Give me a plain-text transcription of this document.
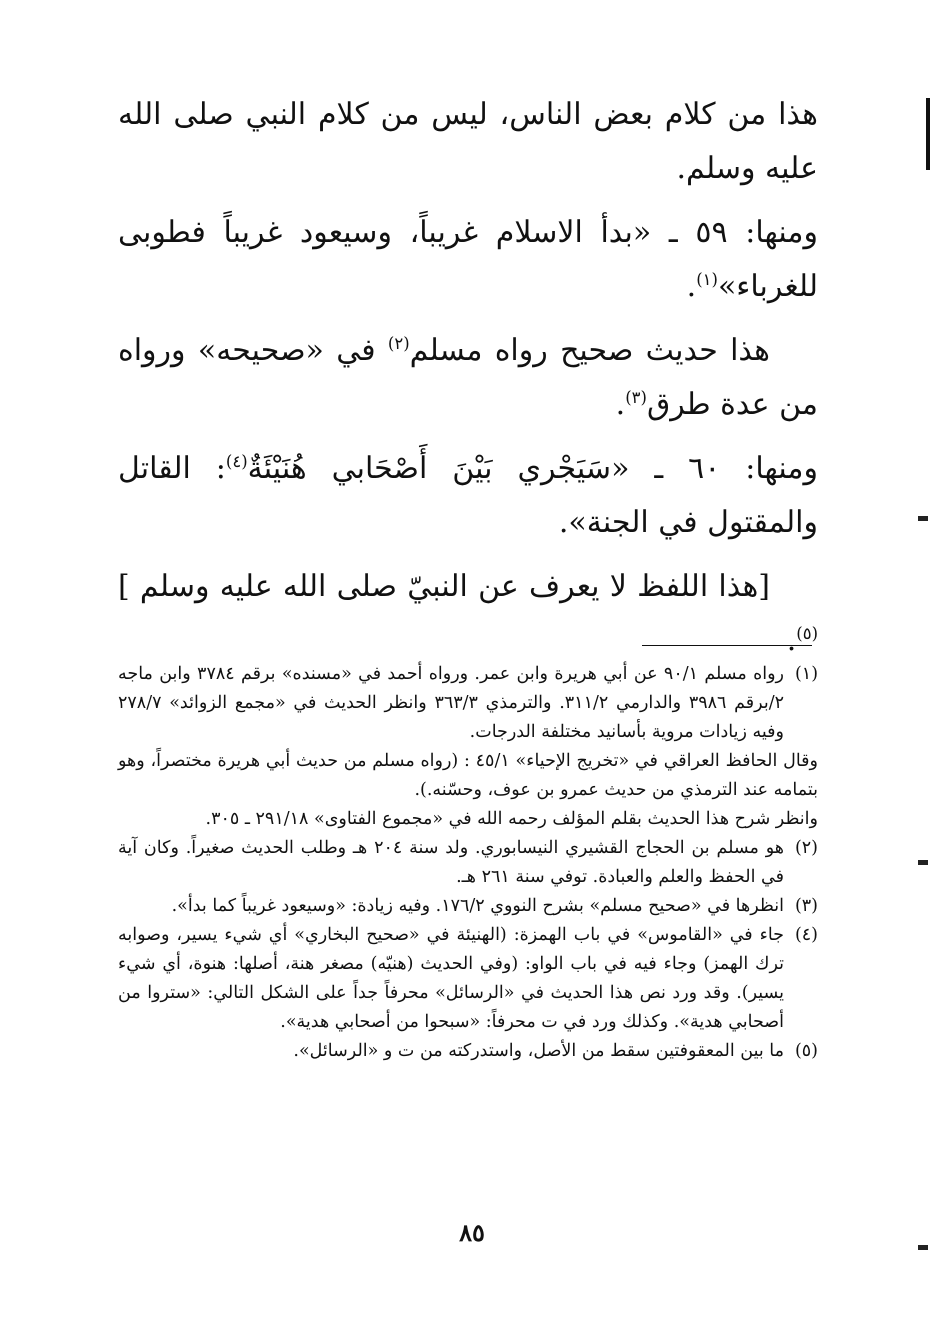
هذا من كلام بعض الناس، ليس من كلام النبي صلى الله عليه وسلم.

ومنها: ٥٩ ـ «بدأ الاسلام غريباً، وسيعود غريباً فطوبى للغرباء»$^{(١)}$.

هذا حديث صحيح رواه مسلم$^{(٢)}$ في «صحيحه» ورواه من عدة طرق$^{(٣)}$.

ومنها: ٦٠ ـ «سَيَجْري بَيْنَ أَصْحَابي هُنَيْئَةٌ$^{(٤)}$: القاتل والمقتول في الجنة».

[هذا اللفظ لا يعرف عن النبيّ صلى الله عليه وسلم ]$^{(٥)}$.

(١)رواه مسلم ٩٠/١ عن أبي هريرة وابن عمر. ورواه أحمد في «مسنده» برقم ٣٧٨٤ وابن ماجه ٢/برقم ٣٩٨٦ والدارمي ٣١١/٢. والترمذي ٣٦٣/٣ وانظر الحديث في «مجمع الزوائد» ٢٧٨/٧ وفيه زيادات مروية بأسانيد مختلفة الدرجات.

وقال الحافظ العراقي في «تخريج الإحياء» ٤٥/١ : (رواه مسلم من حديث أبي هريرة مختصراً، وهو بتمامه عند الترمذي من حديث عمرو بن عوف، وحسّنه.).

وانظر شرح هذا الحديث بقلم المؤلف رحمه الله في «مجموع الفتاوى» ٢٩١/١٨ ـ ٣٠٥.

(٢)هو مسلم بن الحجاج القشيري النيسابوري. ولد سنة ٢٠٤ هـ وطلب الحديث صغيراً. وكان آية في الحفظ والعلم والعبادة. توفي سنة ٢٦١ هـ.

(٣)انظرها في «صحيح مسلم» بشرح النووي ١٧٦/٢. وفيه زيادة: «وسيعود غريباً كما بدأ».

(٤)جاء في «القاموس» في باب الهمزة: (الهنيئة في «صحيح البخاري» أي شيء يسير، وصوابه ترك الهمز) وجاء فيه في باب الواو: (وفي الحديث (هنيّه) مصغر هنة، أصلها: هنوة، أي شيء يسير). وقد ورد نص هذا الحديث في «الرسائل» محرفاً جداً على الشكل التالي: «ستروا من أصحابي هدية». وكذلك ورد في ت محرفاً: «سبحوا من أصحابي هدية».

(٥)ما بين المعقوفتين سقط من الأصل، واستدركته من ت و «الرسائل».

٨٥
